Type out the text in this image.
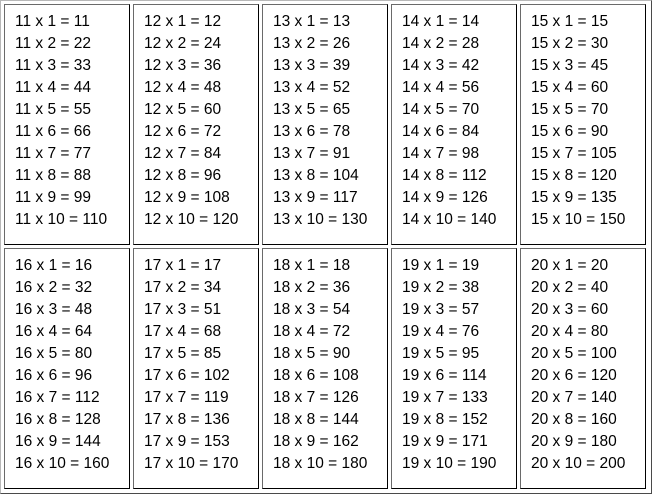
11 x 1 = 11
11 x 2 = 22
11 x 3 = 33
11 x 4 = 44
11 x 5 = 55
11 x 6 = 66
11 x 7 = 77
11 x 8 = 88
11 x 9 = 99
11 x 10 = 110
12 x 1 = 12
12 x 2 = 24
12 x 3 = 36
12 x 4 = 48
12 x 5 = 60
12 x 6 = 72
12 x 7 = 84
12 x 8 = 96
12 x 9 = 108
12 x 10 = 120
13 x 1 = 13
13 x 2 = 26
13 x 3 = 39
13 x 4 = 52
13 x 5 = 65
13 x 6 = 78
13 x 7 = 91
13 x 8 = 104
13 x 9 = 117
13 x 10 = 130
14 x 1 = 14
14 x 2 = 28
14 x 3 = 42
14 x 4 = 56
14 x 5 = 70
14 x 6 = 84
14 x 7 = 98
14 x 8 = 112
14 x 9 = 126
14 x 10 = 140
15 x 1 = 15
15 x 2 = 30
15 x 3 = 45
15 x 4 = 60
15 x 5 = 70
15 x 6 = 90
15 x 7 = 105
15 x 8 = 120
15 x 9 = 135
15 x 10 = 150
16 x 1 = 16
16 x 2 = 32
16 x 3 = 48
16 x 4 = 64
16 x 5 = 80
16 x 6 = 96
16 x 7 = 112
16 x 8 = 128
16 x 9 = 144
16 x 10 = 160
17 x 1 = 17
17 x 2 = 34
17 x 3 = 51
17 x 4 = 68
17 x 5 = 85
17 x 6 = 102
17 x 7 = 119
17 x 8 = 136
17 x 9 = 153
17 x 10 = 170
18 x 1 = 18
18 x 2 = 36
18 x 3 = 54
18 x 4 = 72
18 x 5 = 90
18 x 6 = 108
18 x 7 = 126
18 x 8 = 144
18 x 9 = 162
18 x 10 = 180
19 x 1 = 19
19 x 2 = 38
19 x 3 = 57
19 x 4 = 76
19 x 5 = 95
19 x 6 = 114
19 x 7 = 133
19 x 8 = 152
19 x 9 = 171
19 x 10 = 190
20 x 1 = 20
20 x 2 = 40
20 x 3 = 60
20 x 4 = 80
20 x 5 = 100
20 x 6 = 120
20 x 7 = 140
20 x 8 = 160
20 x 9 = 180
20 x 10 = 200
